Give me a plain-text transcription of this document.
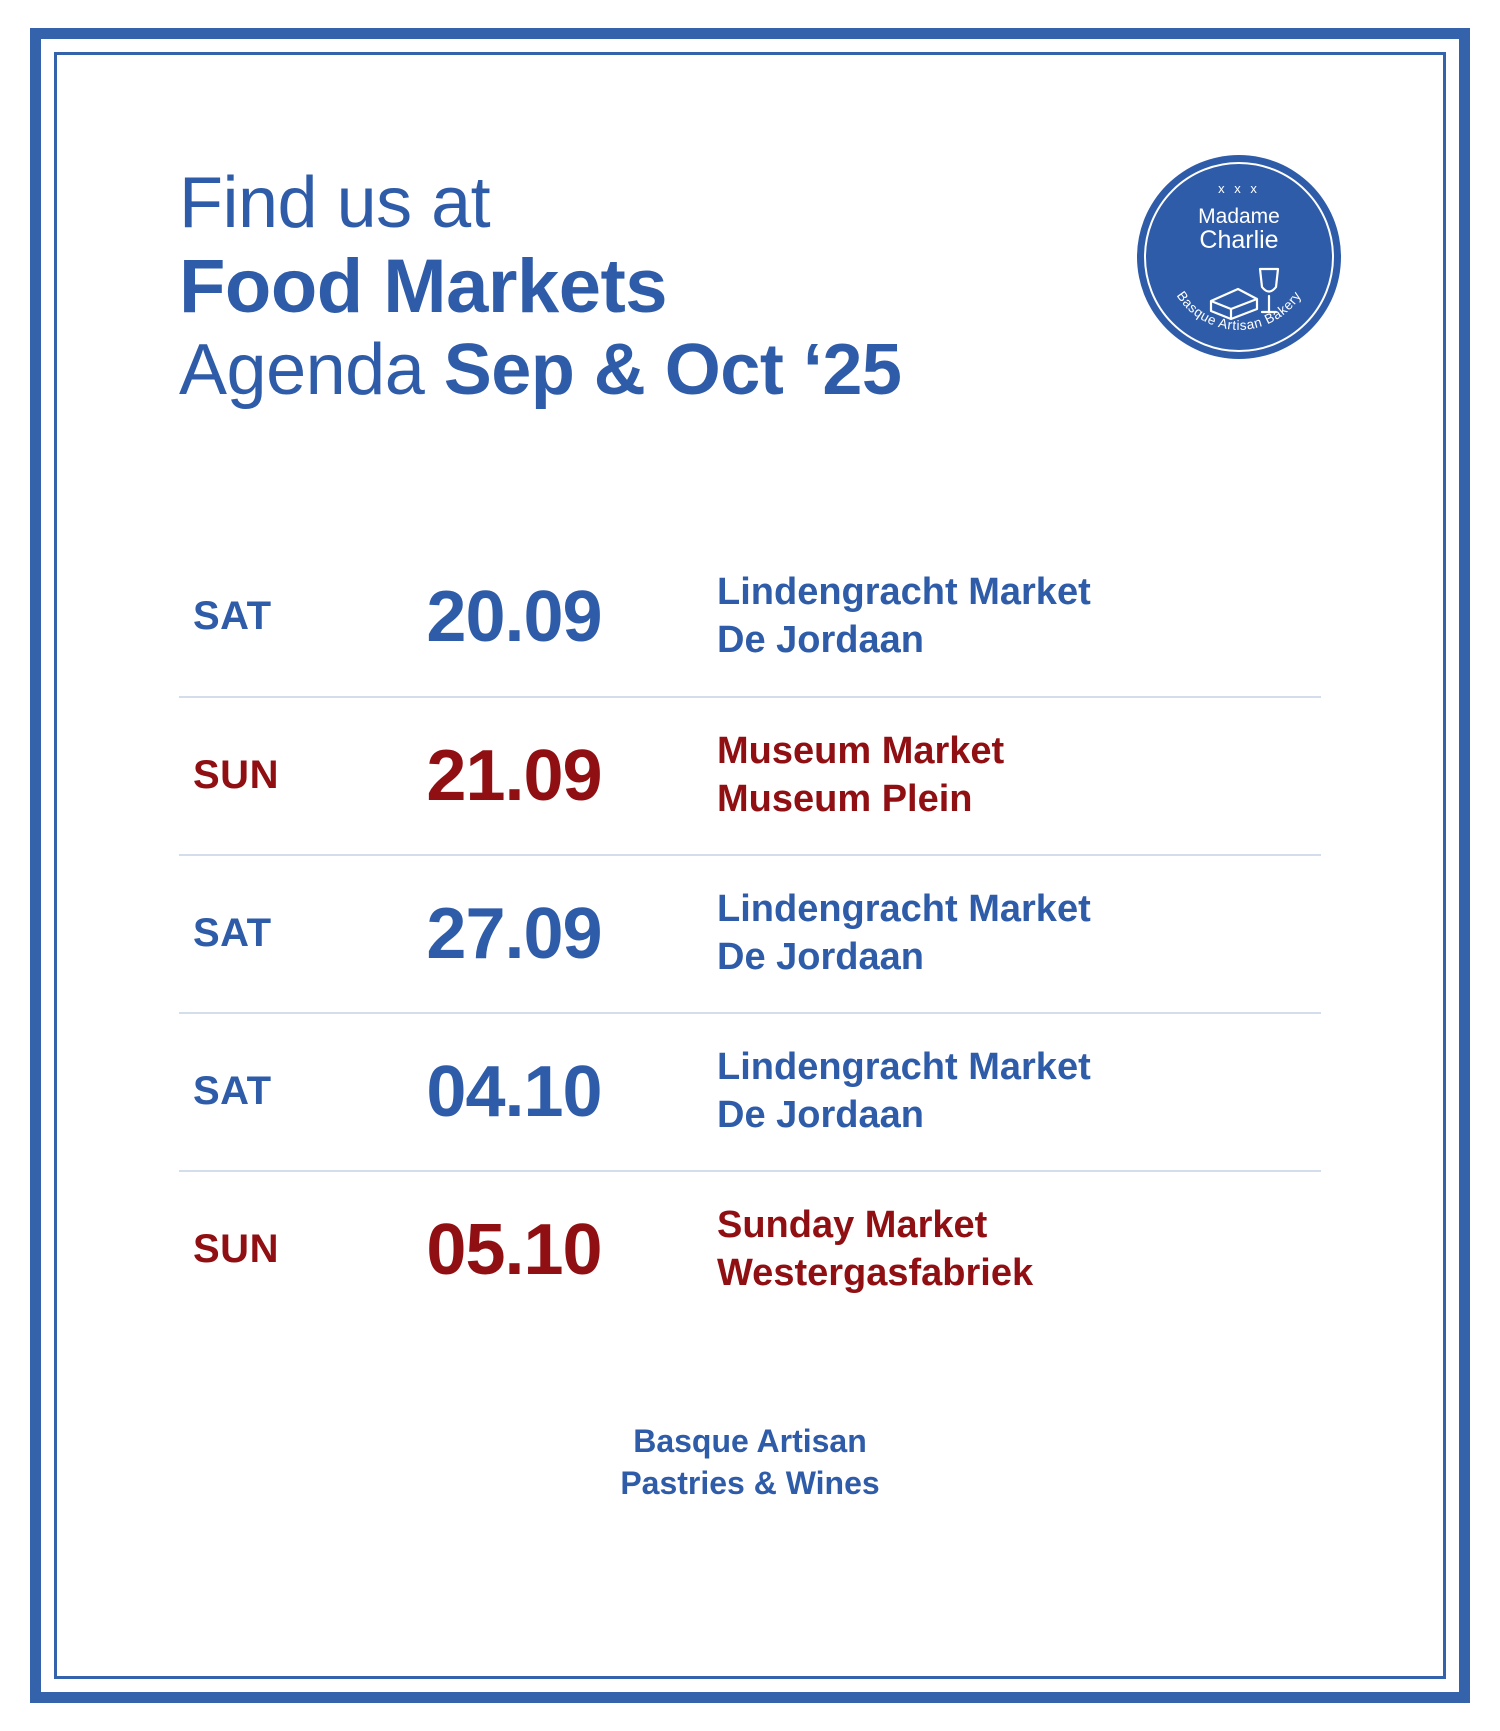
Find us at
Food Markets
Agenda Sep & Oct ‘25
x x x
Madame
Charlie
Basque Artisan Bakery
SAT	20.09	Lindengracht Market
De Jordaan
SUN	21.09	Museum Market
Museum Plein
SAT	27.09	Lindengracht Market
De Jordaan
SAT	04.10	Lindengracht Market
De Jordaan
SUN	05.10	Sunday Market
Westergasfabriek
Basque Artisan
Pastries & Wines
